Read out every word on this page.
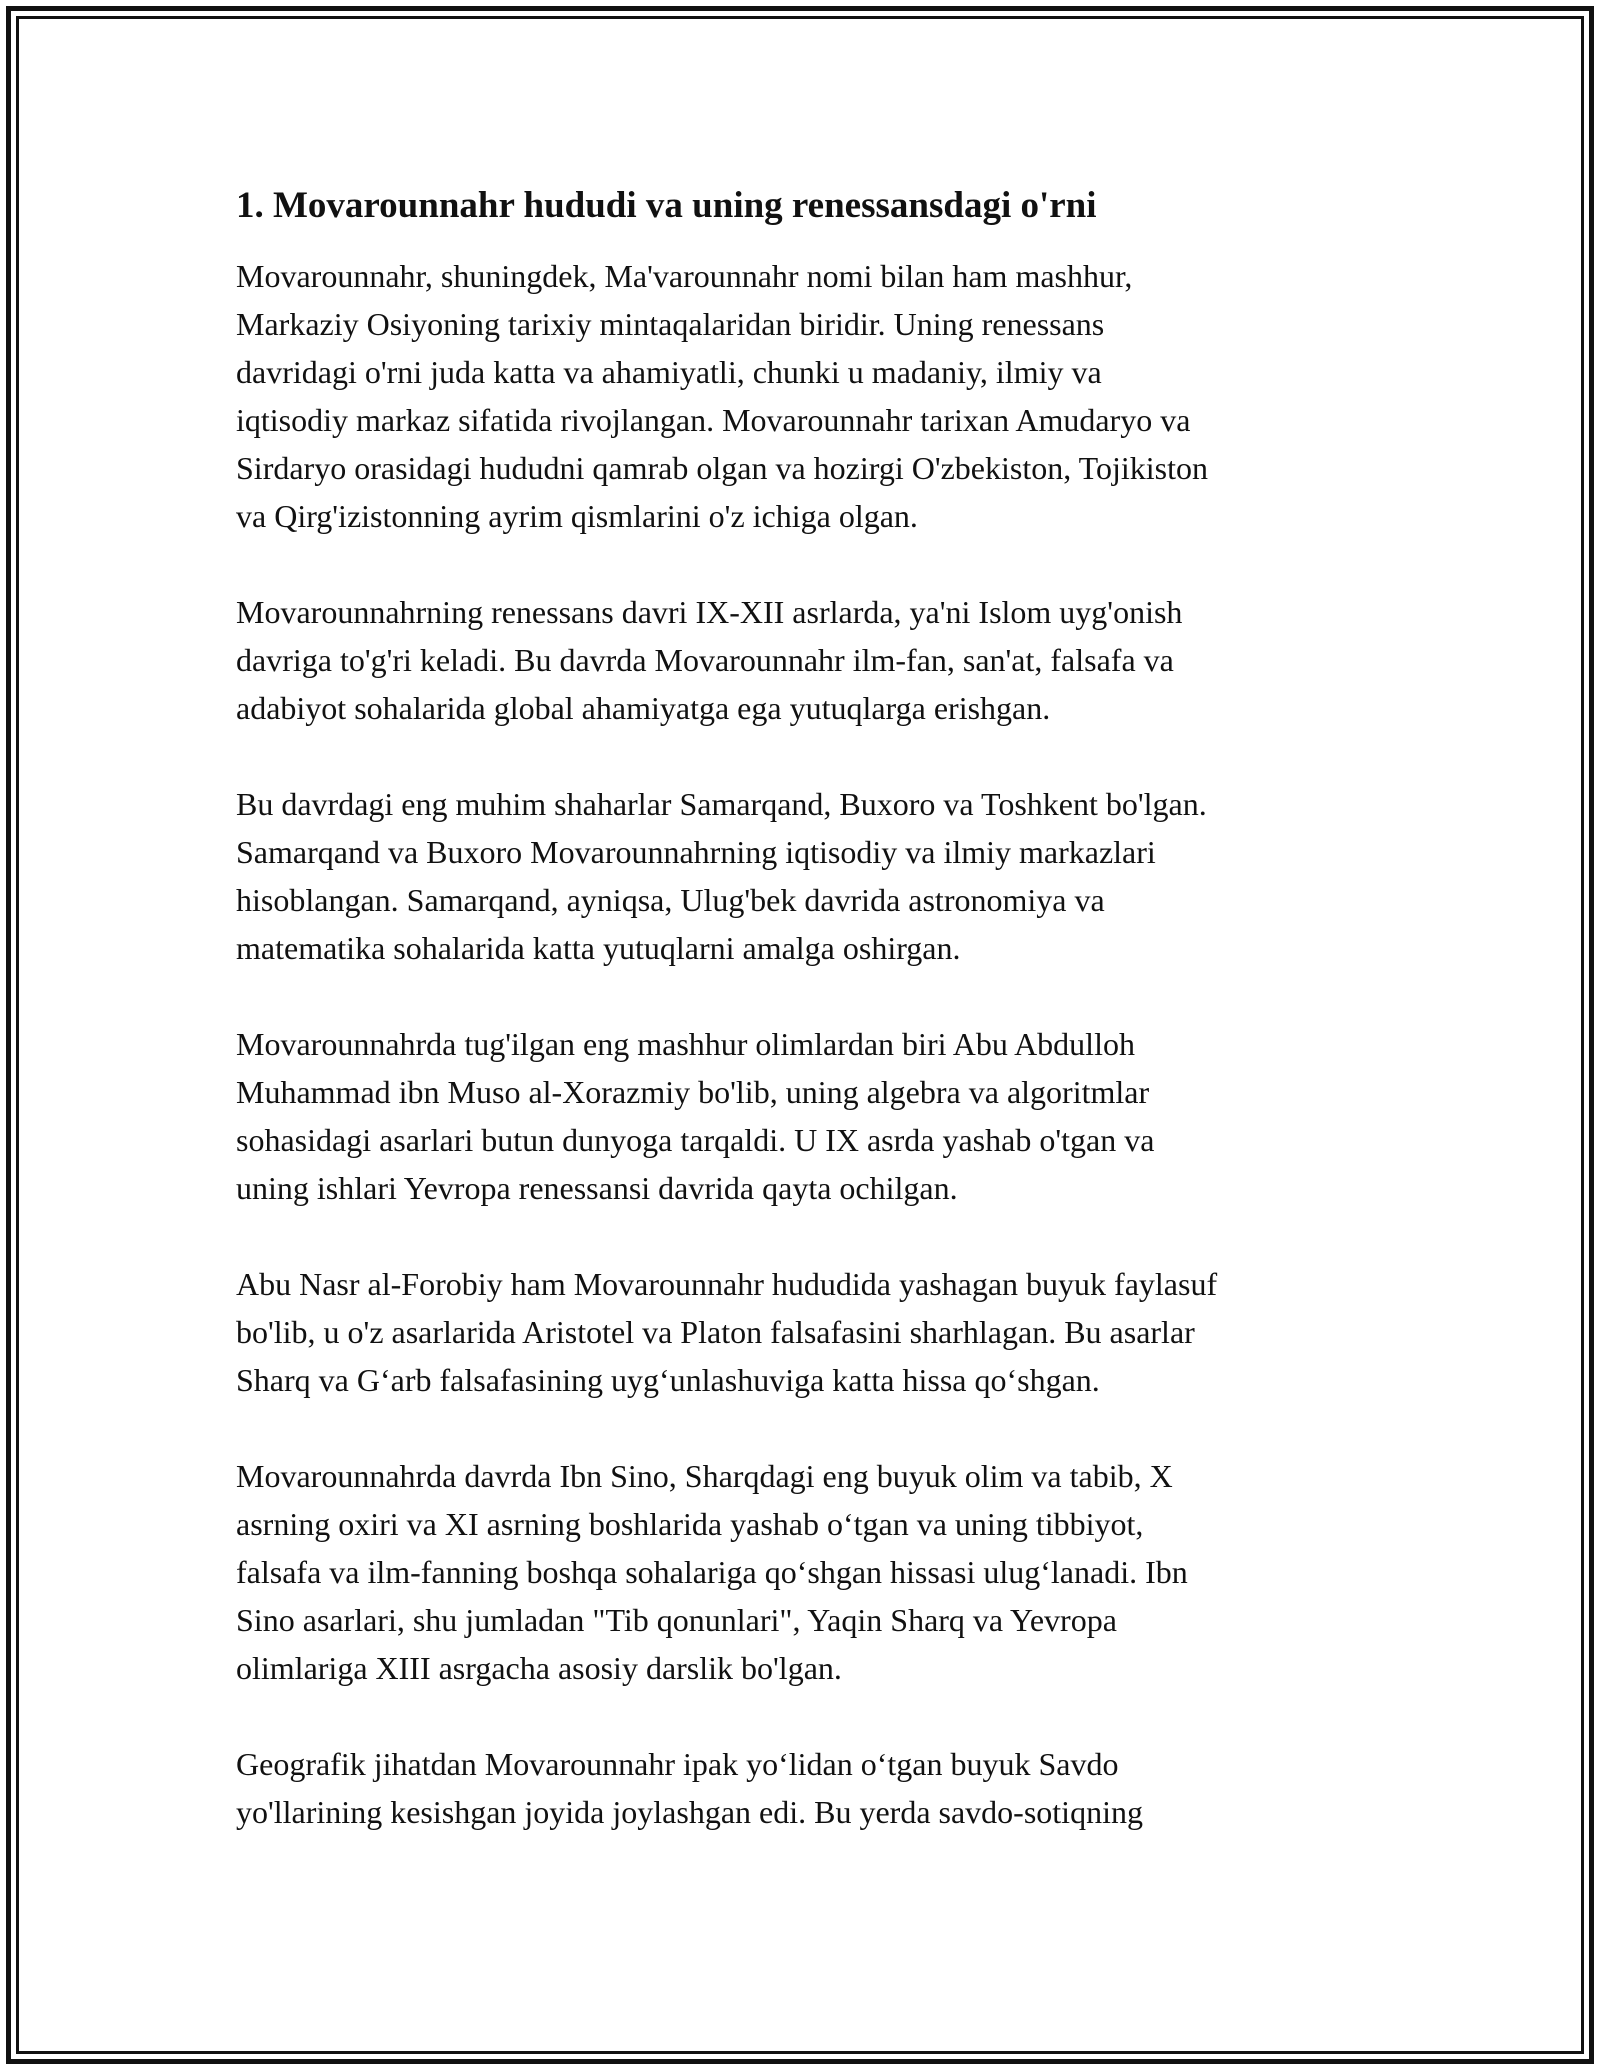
1. Movarounnahr hududi va uning renessansdagi o'rni

Movarounnahr, shuningdek, Ma'varounnahr nomi bilan ham mashhur,
Markaziy Osiyoning tarixiy mintaqalaridan biridir. Uning renessans
davridagi o'rni juda katta va ahamiyatli, chunki u madaniy, ilmiy va
iqtisodiy markaz sifatida rivojlangan. Movarounnahr tarixan Amudaryo va
Sirdaryo orasidagi hududni qamrab olgan va hozirgi O'zbekiston, Tojikiston
va Qirg'izistonning ayrim qismlarini o'z ichiga olgan.

Movarounnahrning renessans davri IX-XII asrlarda, ya'ni Islom uyg'onish
davriga to'g'ri keladi. Bu davrda Movarounnahr ilm-fan, san'at, falsafa va
adabiyot sohalarida global ahamiyatga ega yutuqlarga erishgan.

Bu davrdagi eng muhim shaharlar Samarqand, Buxoro va Toshkent bo'lgan.
Samarqand va Buxoro Movarounnahrning iqtisodiy va ilmiy markazlari
hisoblangan. Samarqand, ayniqsa, Ulug'bek davrida astronomiya va
matematika sohalarida katta yutuqlarni amalga oshirgan.

Movarounnahrda tug'ilgan eng mashhur olimlardan biri Abu Abdulloh
Muhammad ibn Muso al-Xorazmiy bo'lib, uning algebra va algoritmlar
sohasidagi asarlari butun dunyoga tarqaldi. U IX asrda yashab o'tgan va
uning ishlari Yevropa renessansi davrida qayta ochilgan.

Abu Nasr al-Forobiy ham Movarounnahr hududida yashagan buyuk faylasuf
bo'lib, u o'z asarlarida Aristotel va Platon falsafasini sharhlagan. Bu asarlar
Sharq va G‘arb falsafasining uyg‘unlashuviga katta hissa qo‘shgan.

Movarounnahrda davrda Ibn Sino, Sharqdagi eng buyuk olim va tabib, X
asrning oxiri va XI asrning boshlarida yashab o‘tgan va uning tibbiyot,
falsafa va ilm-fanning boshqa sohalariga qo‘shgan hissasi ulug‘lanadi. Ibn
Sino asarlari, shu jumladan "Tib qonunlari", Yaqin Sharq va Yevropa
olimlariga XIII asrgacha asosiy darslik bo'lgan.

Geografik jihatdan Movarounnahr ipak yo‘lidan o‘tgan buyuk Savdo
yo'llarining kesishgan joyida joylashgan edi. Bu yerda savdo-sotiqning
